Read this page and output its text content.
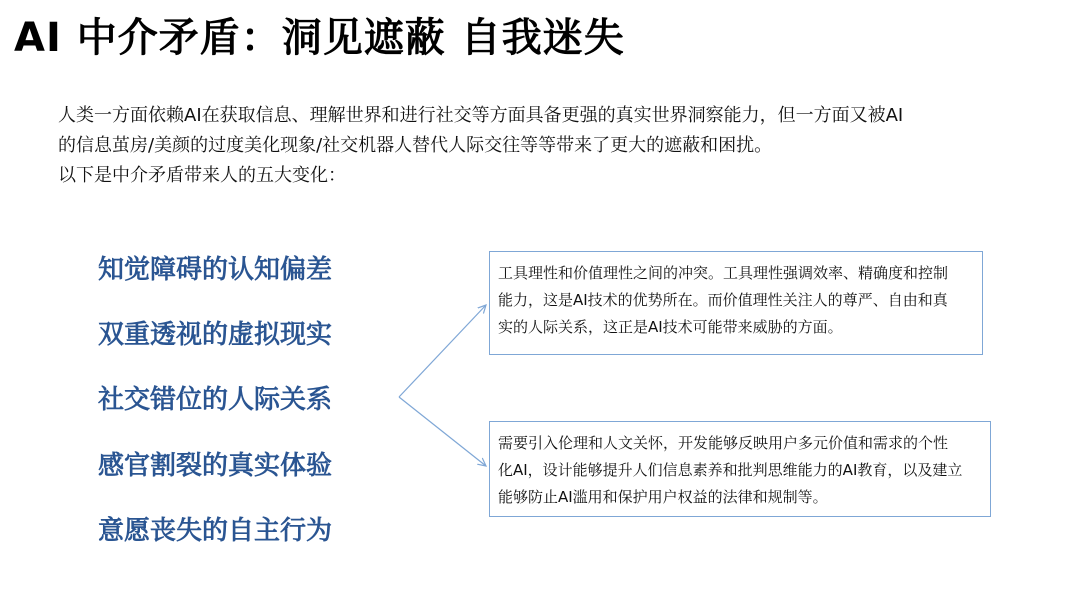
AI 中介矛盾：洞见遮蔽 自我迷失
人类一方面依赖AI在获取信息、理解世界和进行社交等方面具备更强的真实世界洞察能力，但一方面又被AI
的信息茧房/美颜的过度美化现象/社交机器人替代人际交往等等带来了更大的遮蔽和困扰。
以下是中介矛盾带来人的五大变化：
知觉障碍的认知偏差
双重透视的虚拟现实
社交错位的人际关系
感官割裂的真实体验
意愿丧失的自主行为
工具理性和价值理性之间的冲突。工具理性强调效率、精确度和控制
能力，这是AI技术的优势所在。而价值理性关注人的尊严、自由和真
实的人际关系，这正是AI技术可能带来威胁的方面。
需要引入伦理和人文关怀，开发能够反映用户多元价值和需求的个性
化AI，设计能够提升人们信息素养和批判思维能力的AI教育，以及建立
能够防止AI滥用和保护用户权益的法律和规制等。
